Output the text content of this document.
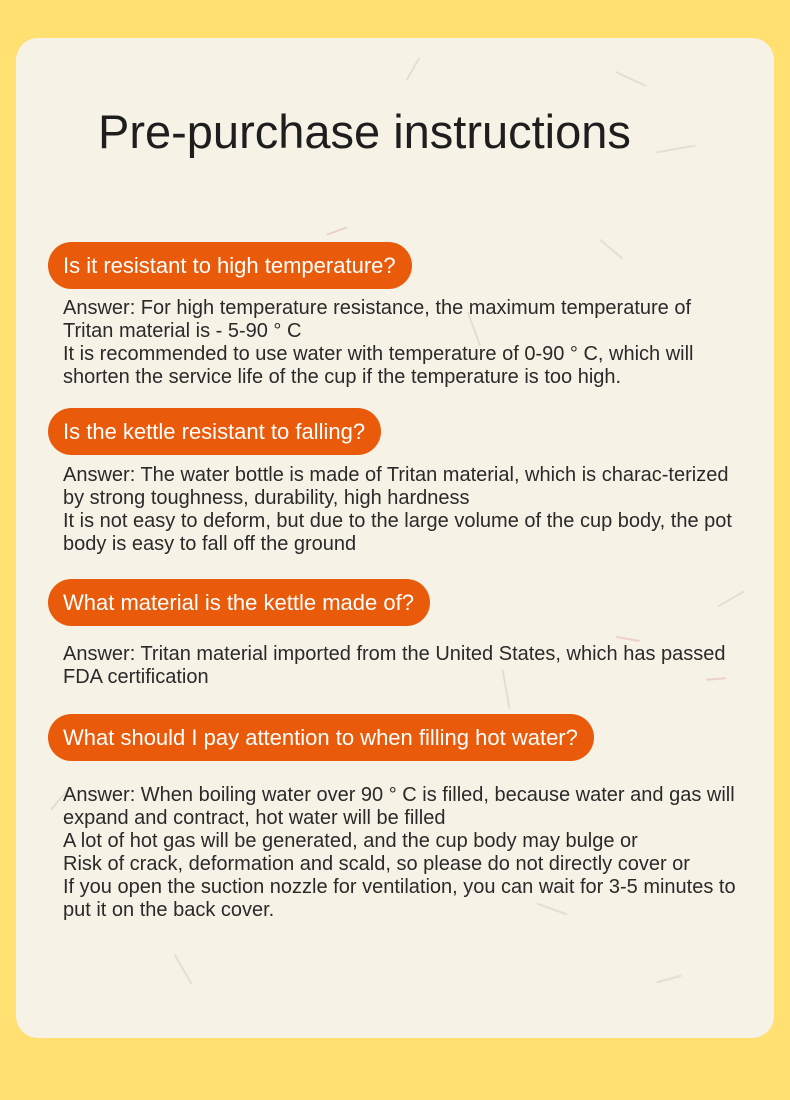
Pre-purchase instructions
Is it resistant to high temperature?

Answer: For high temperature resistance, the maximum temperature of Tritan material is - 5-90 ° C

It is recommended to use water with temperature of 0-90 ° C, which will shorten the service life of the cup if the temperature is too high.

Is the kettle resistant to falling?

Answer: The water bottle is made of Tritan material, which is charac-terized by strong toughness, durability, high hardness

It is not easy to deform, but due to the large volume of the cup body, the pot body is easy to fall off the ground

What material is the kettle made of?

Answer: Tritan material imported from the United States, which has passed FDA certification

What should I pay attention to when filling hot water?

Answer: When boiling water over 90 ° C is filled, because water and gas will expand and contract, hot water will be filled

A lot of hot gas will be generated, and the cup body may bulge or

Risk of crack, deformation and scald, so please do not directly cover or

If you open the suction nozzle for ventilation, you can wait for 3-5 minutes to put it on the back cover.
